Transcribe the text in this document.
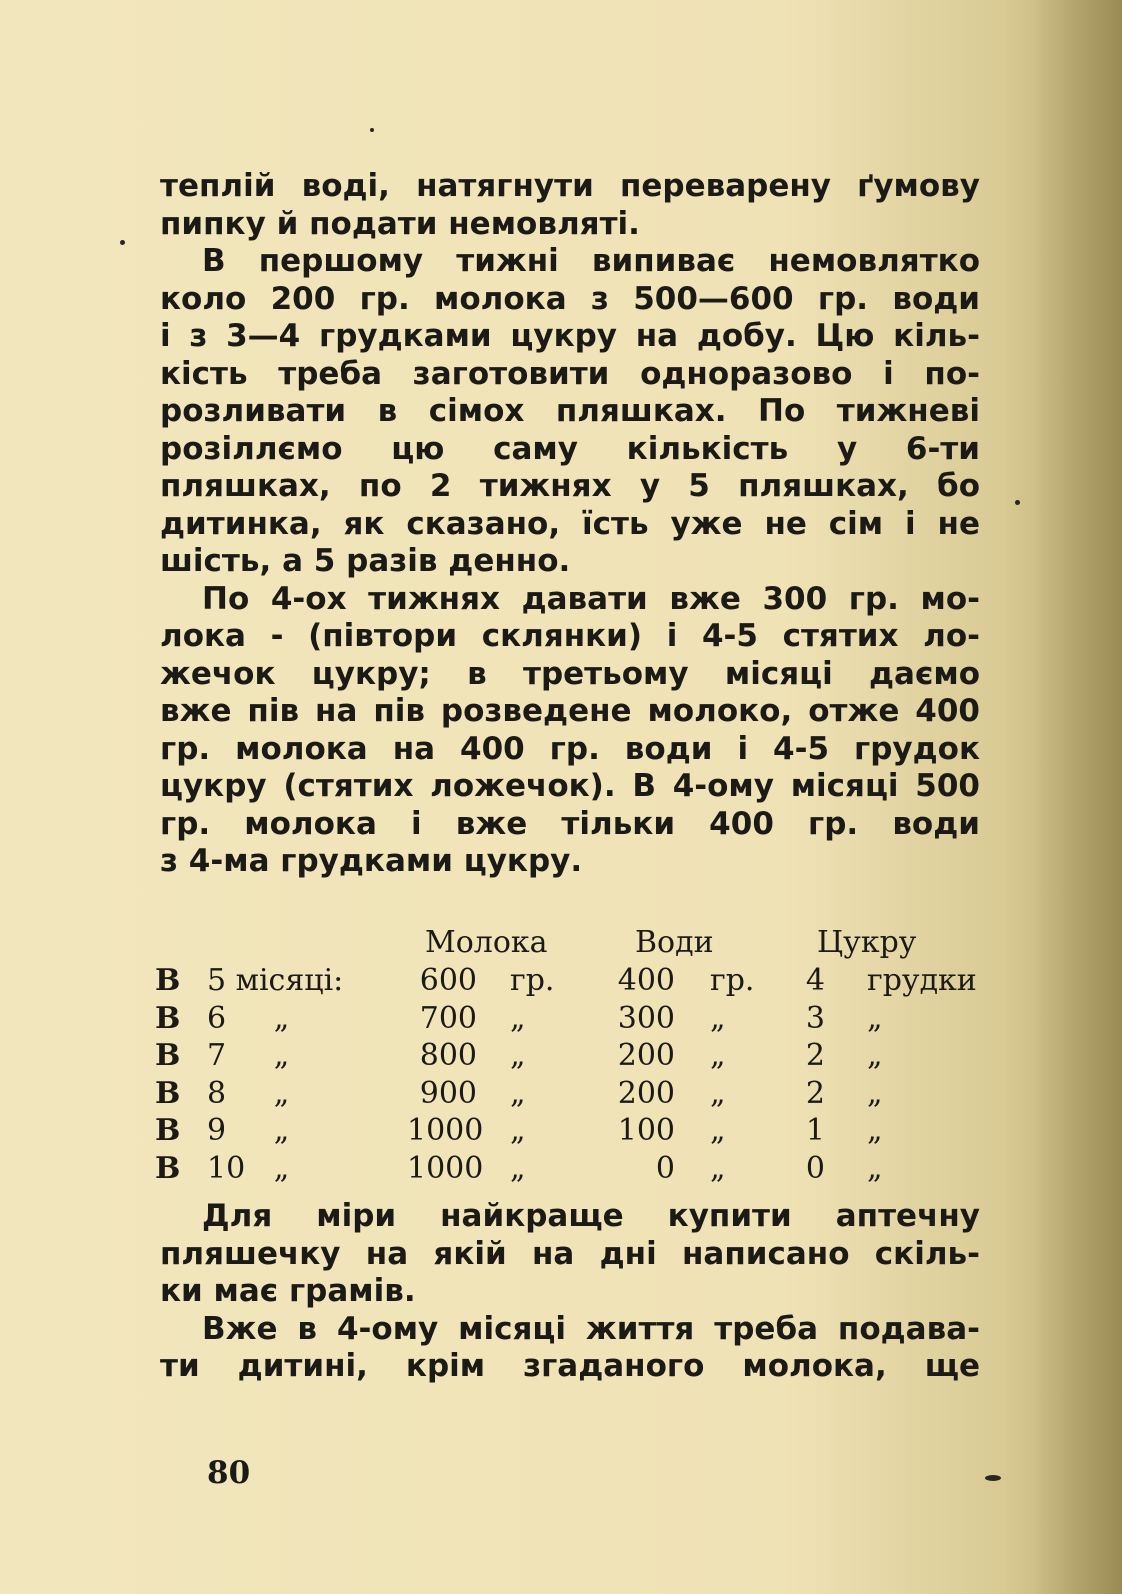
теплій воді, натягнути переварену ґумову
пипку й подати немовляті.
В першому тижні випиває немовлятко
коло 200 гр. молока з 500—600 гр. води
і з 3—4 грудками цукру на добу. Цю кіль-
кість треба заготовити одноразово і по-
розливати в сімох пляшках. По тижневі
розіллємо цю саму кількість у 6-ти
пляшках, по 2 тижнях у 5 пляшках, бо
дитинка, як сказано, їсть уже не сім і не
шість, а 5 разів денно.
По 4-ох тижнях давати вже 300 гр. мо-
лока - (півтори склянки) і 4-5 стятих ло-
жечок цукру; в третьому місяці даємо
вже пів на пів розведене молоко, отже 400
гр. молока на 400 гр. води і 4-5 грудок
цукру (стятих ложечок). В 4-ому місяці 500
гр. молока і вже тільки 400 гр. води
з 4-ма грудками цукру.
Молока	Води	Цукру
В 5 місяці:	600 гр.	400 гр. 4 грудки
В 6     „	700 „	300 „	3 „
В 7     „	800 „	200 „	2 „
В 8     „	900 „	200 „	2 „
В 9     „	1000 „	100 „	1 „
В 10   „	1000 „	0 „	0 „
Для міри найкраще купити аптечну
пляшечку на якій на дні написано скіль-
ки має грамів.
Вже в 4-ому місяці життя треба подава-
ти дитині, крім згаданого молока, ще
80
